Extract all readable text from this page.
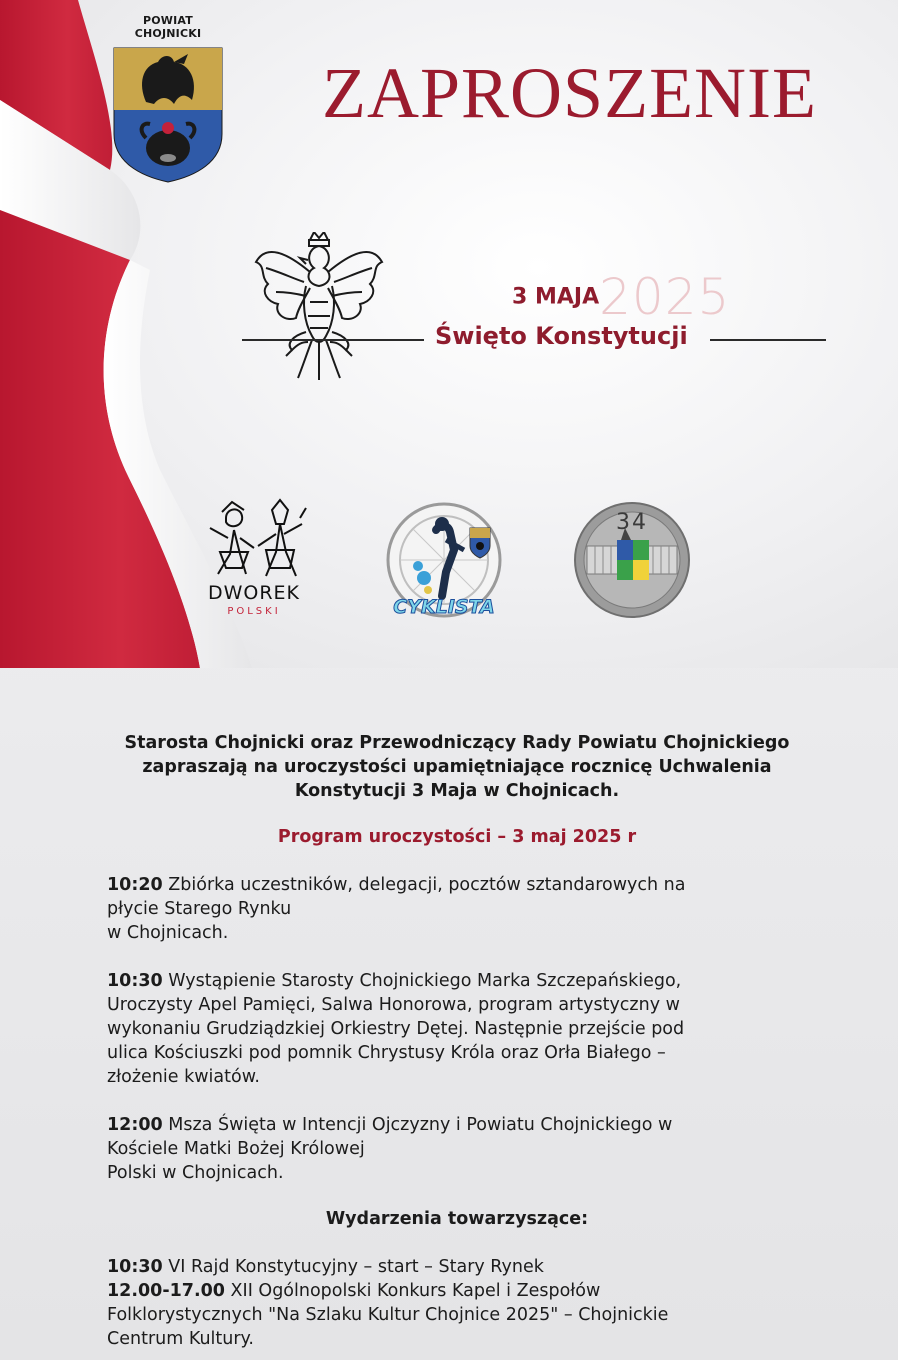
POWIAT CHOJNICKI
ZAPROSZENIE
3 MAJA2025
Święto Konstytucji
DWOREK
POLSKI	CYKLISTA
34

Starosta Chojnicki oraz Przewodniczący Rady Powiatu Chojnickiego
zapraszają na uroczystości upamiętniające rocznicę Uchwalenia
Konstytucji 3 Maja w Chojnicach.

Program uroczystości – 3 maj 2025 r

10:20 Zbiórka uczestników, delegacji, pocztów sztandarowych na
płycie Starego Rynku
w Chojnicach.

10:30 Wystąpienie Starosty Chojnickiego Marka Szczepańskiego,
Uroczysty Apel Pamięci, Salwa Honorowa, program artystyczny w
wykonaniu Grudziądzkiej Orkiestry Dętej. Następnie przejście pod
ulica Kościuszki pod pomnik Chrystusy Króla oraz Orła Białego –
złożenie kwiatów.

12:00 Msza Święta w Intencji Ojczyzny i Powiatu Chojnickiego w
Kościele Matki Bożej Królowej
Polski w Chojnicach.

Wydarzenia towarzyszące:

10:30 VI Rajd Konstytucyjny – start – Stary Rynek
12.00-17.00 XII Ogólnopolski Konkurs Kapel i Zespołów
Folklorystycznych "Na Szlaku Kultur Chojnice 2025" – Chojnickie
Centrum Kultury.
